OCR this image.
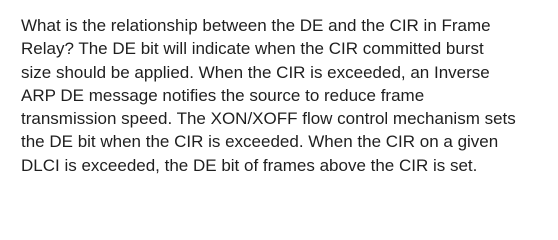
What is the relationship between the DE and the CIR in Frame
Relay? The DE bit will indicate when the CIR committed burst
size should be applied. When the CIR is exceeded, an Inverse
ARP DE message notifies the source to reduce frame
transmission speed. The XON/XOFF flow control mechanism sets
the DE bit when the CIR is exceeded. When the CIR on a given
DLCI is exceeded, the DE bit of frames above the CIR is set.
